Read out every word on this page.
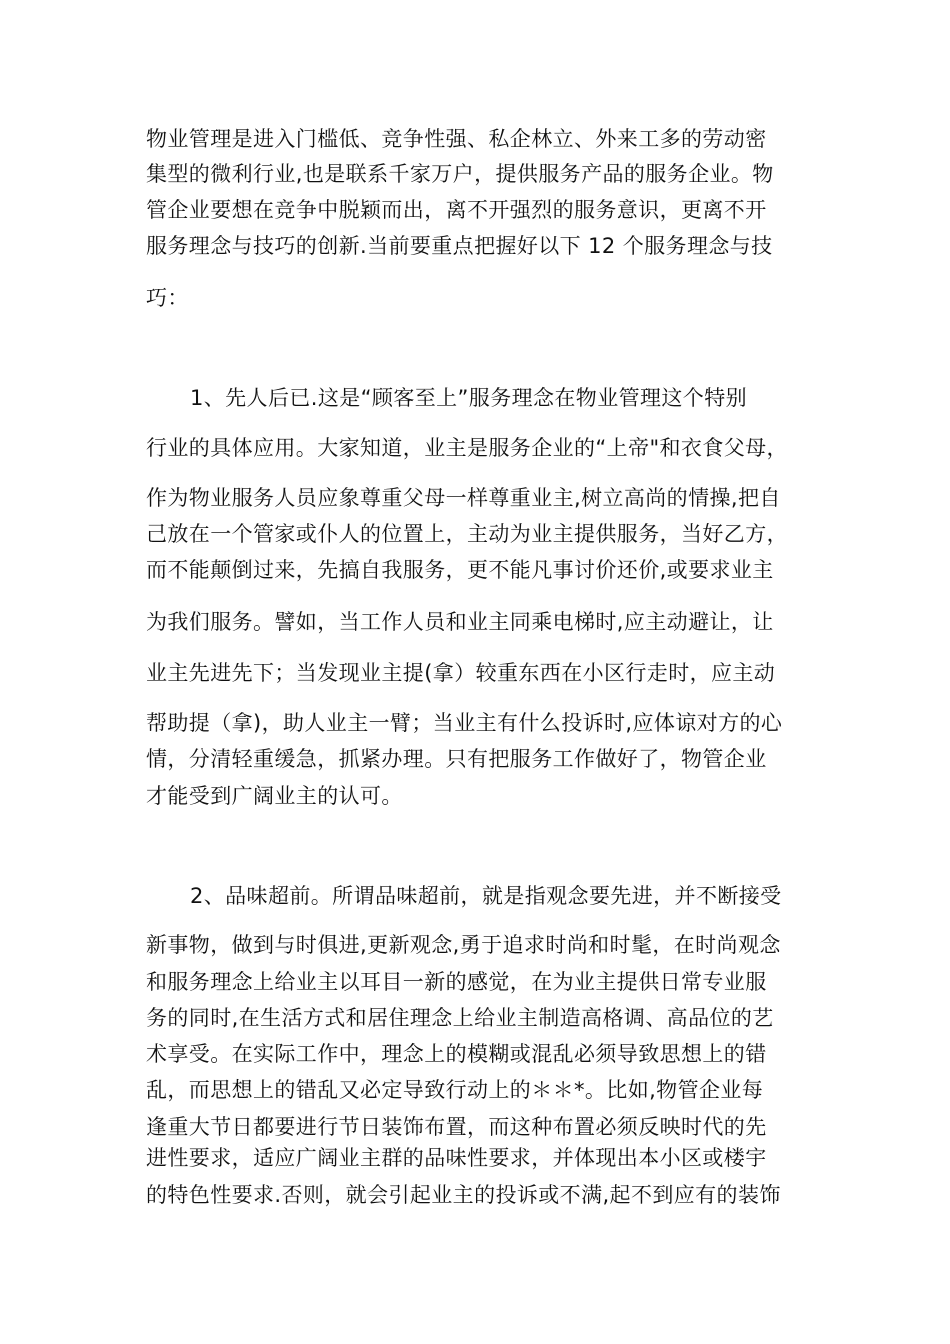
物业管理是进入门槛低、竞争性强、私企林立、外来工多的劳动密
集型的微利行业,也是联系千家万户，提供服务产品的服务企业。物
管企业要想在竞争中脱颖而出，离不开强烈的服务意识，更离不开
服务理念与技巧的创新.当前要重点把握好以下 12 个服务理念与技
巧：
1、先人后已.这是“顾客至上”服务理念在物业管理这个特别
行业的具体应用。大家知道，业主是服务企业的“上帝"和衣食父母，
作为物业服务人员应象尊重父母一样尊重业主,树立高尚的情操,把自
己放在一个管家或仆人的位置上，主动为业主提供服务，当好乙方，
而不能颠倒过来，先搞自我服务，更不能凡事讨价还价,或要求业主
为我们服务。譬如，当工作人员和业主同乘电梯时,应主动避让，让
业主先进先下；当发现业主提(拿）较重东西在小区行走时，应主动
帮助提（拿)，助人业主一臂；当业主有什么投诉时,应体谅对方的心
情，分清轻重缓急，抓紧办理。只有把服务工作做好了，物管企业
才能受到广阔业主的认可。
2、品味超前。所谓品味超前，就是指观念要先进，并不断接受
新事物，做到与时俱进,更新观念,勇于追求时尚和时髦，在时尚观念
和服务理念上给业主以耳目一新的感觉，在为业主提供日常专业服
务的同时,在生活方式和居住理念上给业主制造高格调、高品位的艺
术享受。在实际工作中，理念上的模糊或混乱必须导致思想上的错
乱，而思想上的错乱又必定导致行动上的＊＊*。比如,物管企业每
逢重大节日都要进行节日装饰布置，而这种布置必须反映时代的先
进性要求，适应广阔业主群的品味性要求，并体现出本小区或楼宇
的特色性要求.否则，就会引起业主的投诉或不满,起不到应有的装饰
